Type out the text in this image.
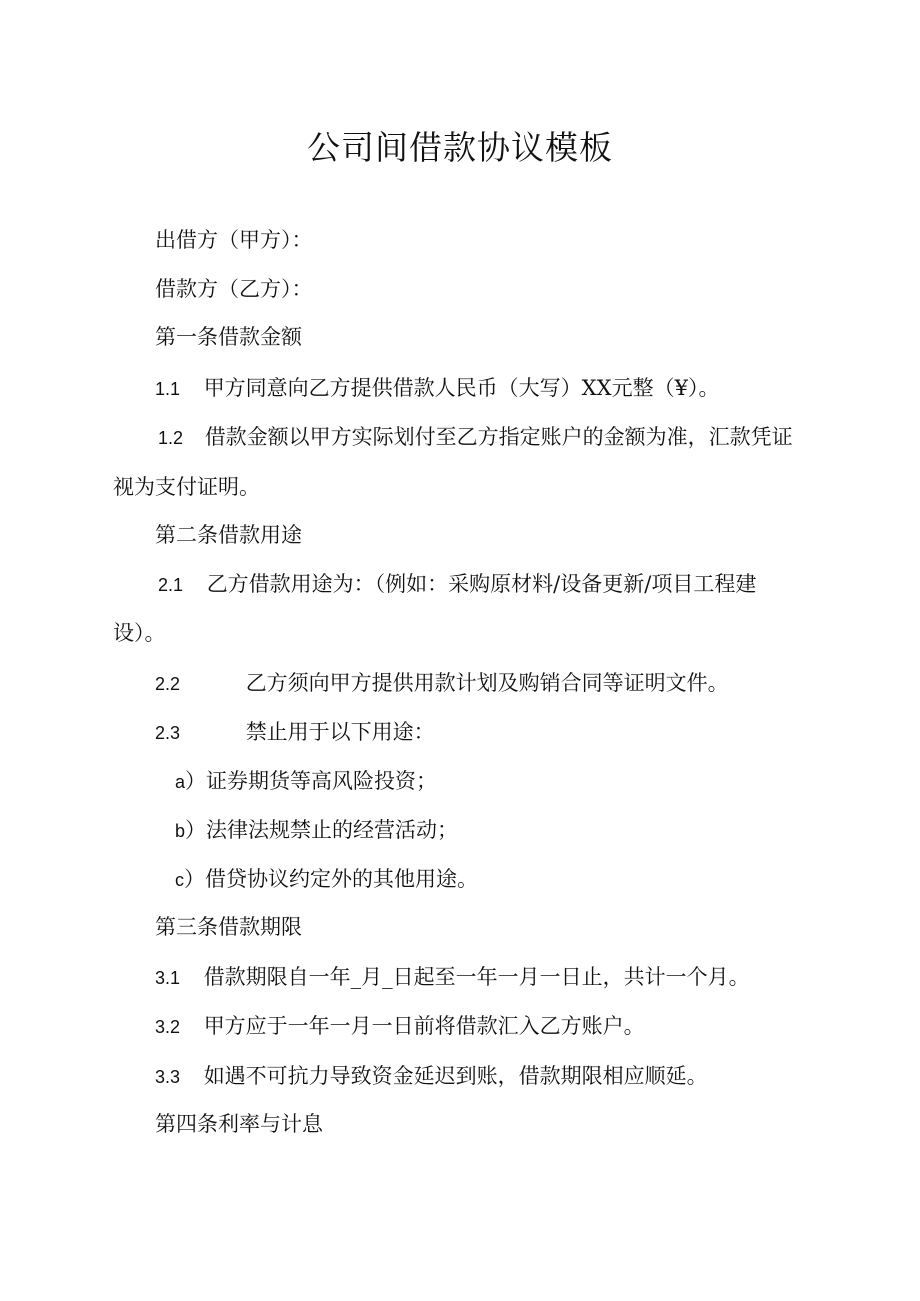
公司间借款协议模板
出借方（甲方）：
借款方（乙方）：
第一条借款金额
1.1 甲方同意向乙方提供借款人民币（大写）XX元整（¥）。
1.2 借款金额以甲方实际划付至乙方指定账户的金额为准，汇款凭证
视为支付证明。
第二条借款用途
2.1 乙方借款用途为：（例如：采购原材料/设备更新/项目工程建
设）。
2.2	乙方须向甲方提供用款计划及购销合同等证明文件。
2.3	禁止用于以下用途：
a）证券期货等高风险投资；
b）法律法规禁止的经营活动；
c）借贷协议约定外的其他用途。
第三条借款期限
3.1 借款期限自一年_月_日起至一年一月一日止，共计一个月。
3.2 甲方应于一年一月一日前将借款汇入乙方账户。
3.3 如遇不可抗力导致资金延迟到账，借款期限相应顺延。
第四条利率与计息
